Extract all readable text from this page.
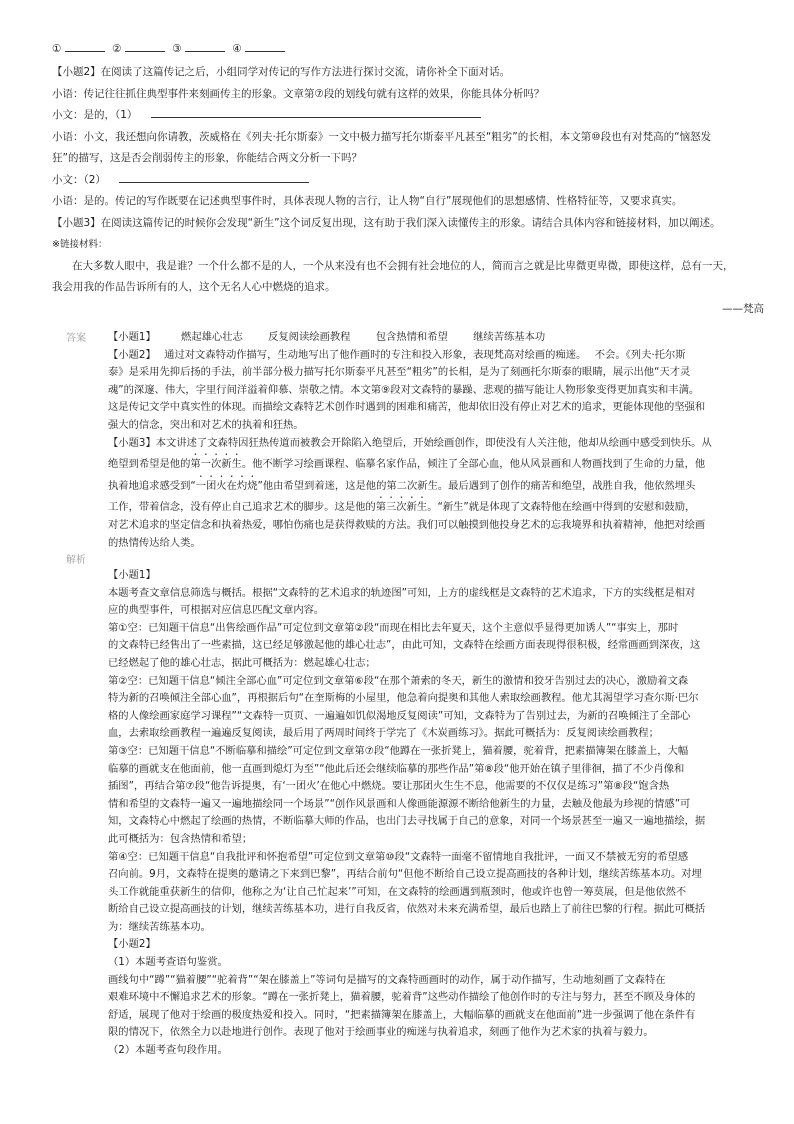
①	②	③	④
【小题2】在阅读了这篇传记之后，小组同学对传记的写作方法进行探讨交流，请你补全下面对话。
小语：传记往往抓住典型事件来刻画传主的形象。文章第⑦段的划线句就有这样的效果，你能具体分析吗？
小文：是的，（1）
小语：小文，我还想向你请教，茨威格在《列夫·托尔斯泰》一文中极力描写托尔斯泰平凡甚至“粗劣”的长相，本文第⑩段也有对梵高的“恼怒发
狂”的描写，这是否会削弱传主的形象，你能结合两文分析一下吗？
小文：（2）
小语：是的。传记的写作既要在记述典型事件时，具体表现人物的言行，让人物“自行”展现他们的思想感情、性格特征等，又要求真实。
【小题3】在阅读这篇传记的时候你会发现“新生”这个词反复出现，这有助于我们深入读懂传主的形象。请结合具体内容和链接材料，加以阐述。
※链接材料：
在大多数人眼中，我是谁？一个什么都不是的人，一个从来没有也不会拥有社会地位的人，简而言之就是比卑微更卑微，即使这样，总有一天，
我会用我的作品告诉所有的人，这个无名人心中燃烧的追求。
——梵高
答案 【小题1】 燃起雄心壮志 反复阅读绘画教程 包含热情和希望 继续苦练基本功
【小题2】　 通过对文森特动作描写，生动地写出了他作画时的专注和投入形象，表现梵高对绘画的痴迷。　 不会。《列夫·托尔斯
泰》是采用先抑后扬的手法，前半部分极力描写托尔斯泰平凡甚至“粗劣”的长相，是为了刻画托尔斯泰的眼睛，展示出他“天才灵
魂”的深邃、伟大，字里行间洋溢着仰慕、崇敬之情。本文第⑨段对文森特的暴躁、悲观的描写能让人物形象变得更加真实和丰满。
这是传记文学中真实性的体现。而描绘文森特艺术创作时遇到的困难和痛苦，他却依旧没有停止对艺术的追求，更能体现他的坚强和
强大的信念，突出和对艺术的执着和狂热。
【小题3】本文讲述了文森特因狂热传道而被教会开除陷入绝望后，开始绘画创作，即使没有人关注他，他却从绘画中感受到快乐。从
绝望到希望是他的第一次新生。他不断学习绘画课程、临摹名家作品，倾注了全部心血，他从风景画和人物画找到了生命的力量，他
执着地追求感受到“一团火在灼烧”他由希望到着迷，这是他的第二次新生。最后遇到了创作的痛苦和绝望，战胜自我，他依然埋头
工作，带着信念，没有停止自己追求艺术的脚步。这是他的第三次新生。“新生”就是体现了文森特他在绘画中得到的安慰和鼓励，
对艺术追求的坚定信念和执着热爱，哪怕伤痛也是获得救赎的方法。我们可以触摸到他投身艺术的忘我境界和执着精神，他把对绘画
的热情传达给人类。
解析
【小题1】
本题考查文章信息筛选与概括。根据“文森特的艺术追求的轨迹图”可知，上方的虚线框是文森特的艺术追求，下方的实线框是相对
应的典型事件，可根据对应信息匹配文章内容。
第①空：已知题干信息“出售绘画作品”可定位到文章第②段“而现在相比去年夏天，这个主意似乎显得更加诱人”“事实上，那时
的文森特已经售出了一些素描，这已经足够激起他的雄心壮志”，由此可知，文森特在绘画方面表现得很积极，经常画画到深夜，这
已经燃起了他的雄心壮志，据此可概括为：燃起雄心壮志；
第②空：已知题干信息“倾注全部心血”可定位到文章第⑥段“在那个萧索的冬天，新生的激情和狡牙告别过去的决心，激励着文森
特为新的召唤倾注全部心血”，再根据后句“在奎斯梅的小屋里，他急着向提奥和其他人索取绘画教程。他尤其渴望学习查尔斯·巴尔
格的人像绘画家庭学习课程”“文森特一页页、一遍遍如饥似渴地反复阅读”可知，文森特为了告别过去，为新的召唤倾注了全部心
血，去索取绘画教程一遍遍反复阅读，最后用了两周时间终于学完了《木炭画练习》。据此可概括为：反复阅读绘画教程；
第③空：已知题干信息“不断临摹和描绘”可定位到文章第⑦段“他蹲在一张折凳上，猫着腰，驼着背，把素描簿架在膝盖上，大幅
临摹的画就支在他面前，他一直画到熄灯为至”“他此后还会继续临摹的那些作品”第⑧段“他开始在镇子里徘徊，描了不少肖像和
插图”，再结合第⑦段“他告诉提奥，有‘一团火’在他心中燃烧。要让那团火生生不息，他需要的不仅仅是练习”第⑧段“饱含热
情和希望的文森特一遍又一遍地描绘同一个场景”“创作风景画和人像画能源源不断给他新生的力量，去触及他最为珍视的情感”可
知，文森特心中燃起了绘画的热情，不断临摹大师的作品，也出门去寻找属于自己的意象，对同一个场景甚至一遍又一遍地描绘，据
此可概括为：包含热情和希望；
第④空：已知题干信息“自我批评和怀抱希望”可定位到文章第⑩段“文森特一面毫不留情地自我批评，一面又不禁被无穷的希望感
召向前。9月，文森特在提奥的邀请之下来到巴黎”，再结合前句“但他不断给自己设立提高画技的各种计划，继续苦练基本功。对埋
头工作就能重获新生的信仰，他称之为‘让自己忙起来’”可知，在文森特的绘画遇到瓶颈时，他或许也曾一筹莫展，但是他依然不
断给自己设立提高画技的计划，继续苦练基本功，进行自我反省，依然对未来充满希望，最后也踏上了前往巴黎的行程。据此可概括
为：继续苦练基本功。
【小题2】
（1）本题考查语句鉴赏。
画线句中“蹲”“猫着腰”“驼着背”“架在膝盖上”等词句是描写的文森特画画时的动作，属于动作描写，生动地刻画了文森特在
艰难环境中不懈追求艺术的形象。“蹲在一张折凳上，猫着腰，驼着背”这些动作描绘了他创作时的专注与努力，甚至不顾及身体的
舒适，展现了他对于绘画的极度热爱和投入。同时，“把素描簿架在膝盖上，大幅临摹的画就支在他面前”进一步强调了他在条件有
限的情况下，依然全力以赴地进行创作。表现了他对于绘画事业的痴迷与执着追求，刻画了他作为艺术家的执着与毅力。
（2）本题考查句段作用。
